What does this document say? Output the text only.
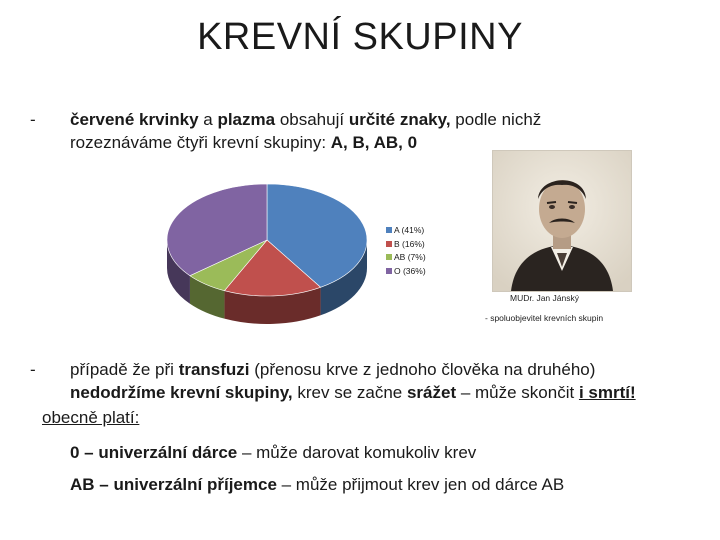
KREVNÍ SKUPINY
- červené krvinky a plazma obsahují určité znaky, podle nichž rozeznáváme čtyři krevní skupiny: A, B, AB, 0
A (41%)
B (16%)
AB (7%)
O (36%)
MUDr. Jan Jánský
- spoluobjevitel krevních skupin
- případě že při transfuzi (přenosu krve z jednoho člověka na druhého) nedodržíme krevní skupiny, krev se začne srážet – může skončit i smrtí!
obecně platí:
0 – univerzální dárce – může darovat komukoliv krev
AB – univerzální příjemce – může přijmout krev jen od dárce AB
